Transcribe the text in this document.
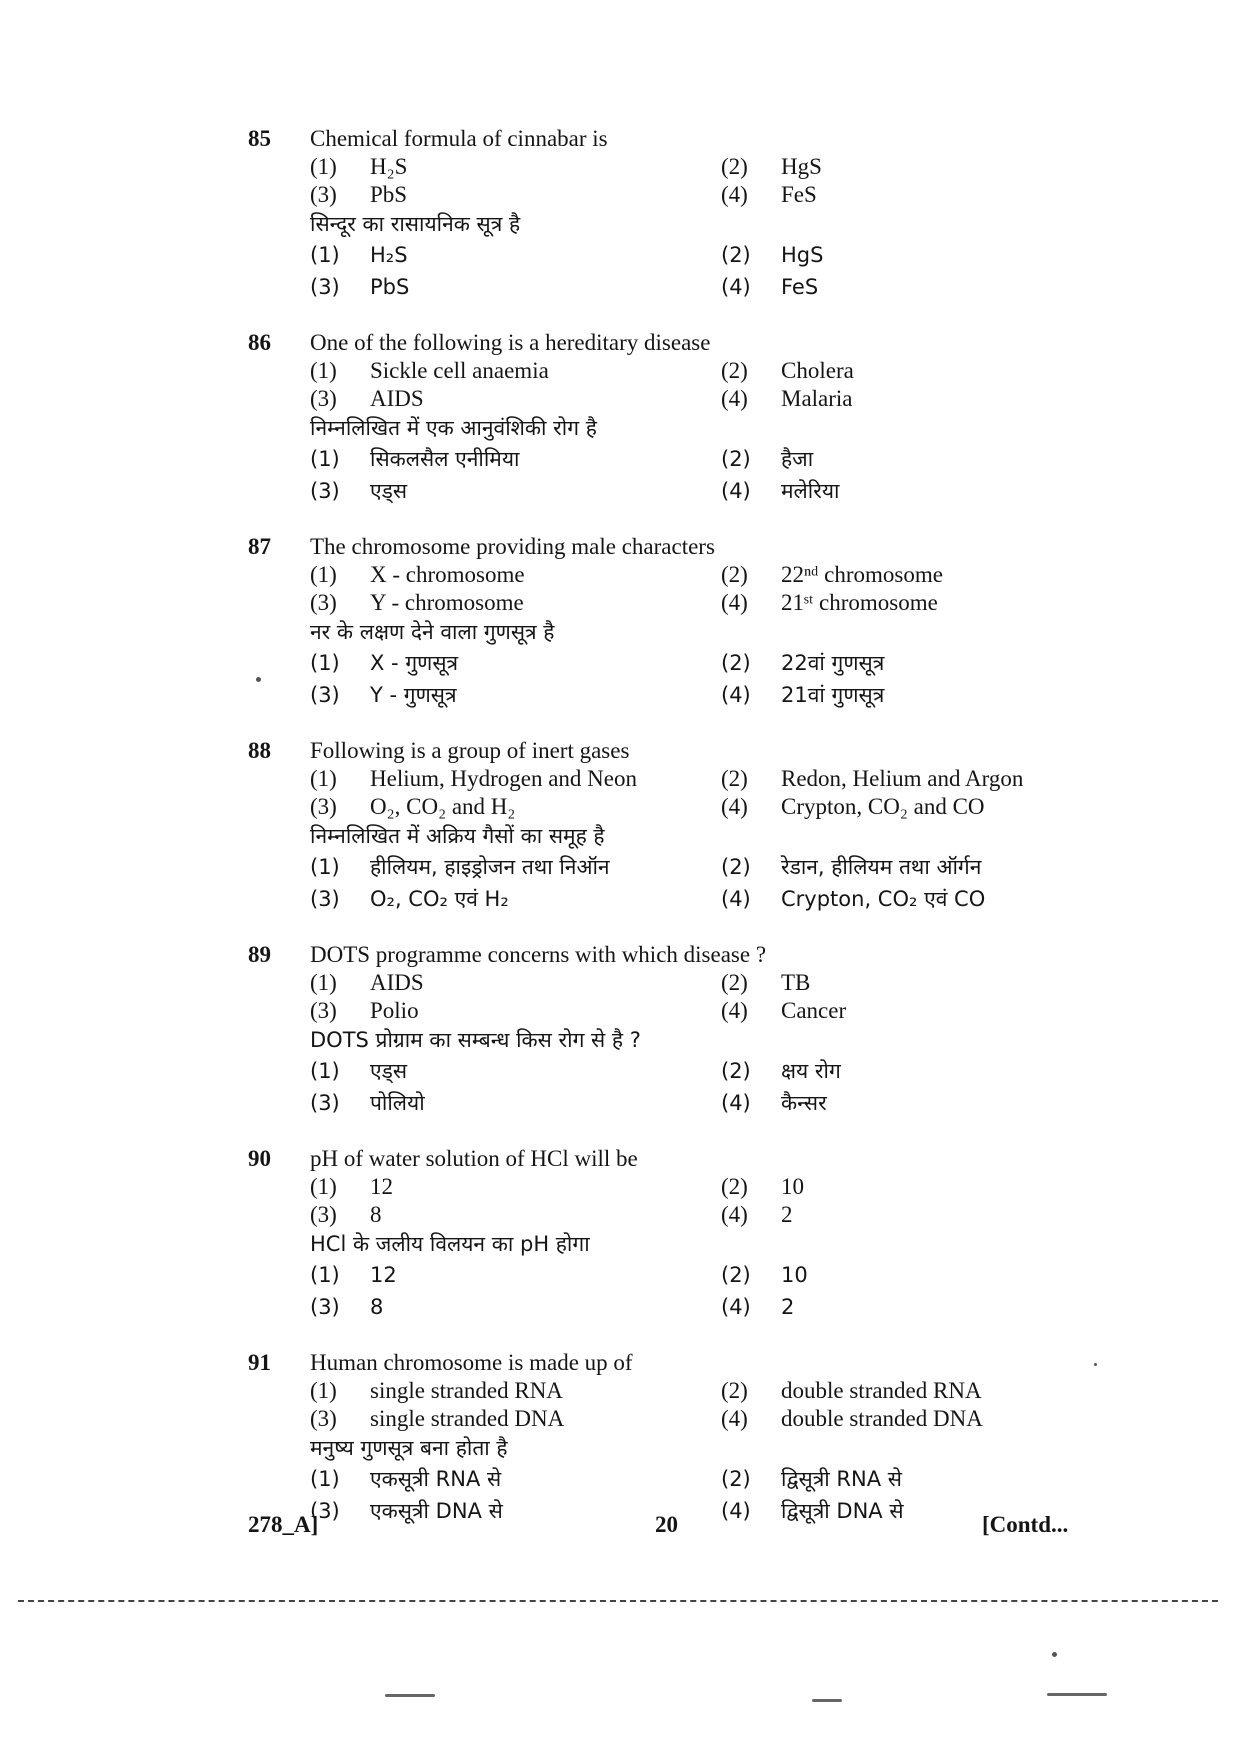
85	Chemical formula of cinnabar is
(1)	H₂S	(2)	HgS
(3)	PbS	(4)	FeS
सिन्दूर का रासायनिक सूत्र है
(1)	H₂S	(2)	HgS
(3)	PbS	(4)	FeS
86	One of the following is a hereditary disease
(1)	Sickle cell anaemia	(2)	Cholera
(3)	AIDS	(4)	Malaria
निम्नलिखित में एक आनुवंशिकी रोग है
(1)	सिकलसैल एनीमिया	(2)	हैजा
(3)	एड्स	(4)	मलेरिया
87	The chromosome providing male characters
(1)	X - chromosome	(2)	22ⁿᵈ chromosome
(3)	Y - chromosome	(4)	21ˢᵗ chromosome
नर के लक्षण देने वाला गुणसूत्र है
(1)	X - गुणसूत्र	(2)	22वां गुणसूत्र
(3)	Y - गुणसूत्र	(4)	21वां गुणसूत्र
88	Following is a group of inert gases
(1)	Helium, Hydrogen and Neon	(2)	Redon, Helium and Argon
(3)	O₂, CO₂ and H₂	(4)	Crypton, CO₂ and CO
निम्नलिखित में अक्रिय गैसों का समूह है
(1)	हीलियम, हाइड्रोजन तथा निऑन	(2)	रेडान, हीलियम तथा ऑर्गन
(3)	O₂, CO₂ एवं H₂	(4)	Crypton, CO₂ एवं CO
89	DOTS programme concerns with which disease ?
(1)	AIDS	(2)	TB
(3)	Polio	(4)	Cancer
DOTS प्रोग्राम का सम्बन्ध किस रोग से है ?
(1)	एड्स	(2)	क्षय रोग
(3)	पोलियो	(4)	कैन्सर
90	pH of water solution of HCl will be
(1)	12	(2)	10
(3)	8	(4)	2
HCl के जलीय विलयन का pH होगा
(1)	12	(2)	10
(3)	8	(4)	2
91	Human chromosome is made up of
(1)	single stranded RNA	(2)	double stranded RNA
(3)	single stranded DNA	(4)	double stranded DNA
मनुष्य गुणसूत्र बना होता है
(1)	एकसूत्री RNA से	(2)	द्विसूत्री RNA से
(3)	एकसूत्री DNA से	(4)	द्विसूत्री DNA से
278_A]	20	[Contd...
